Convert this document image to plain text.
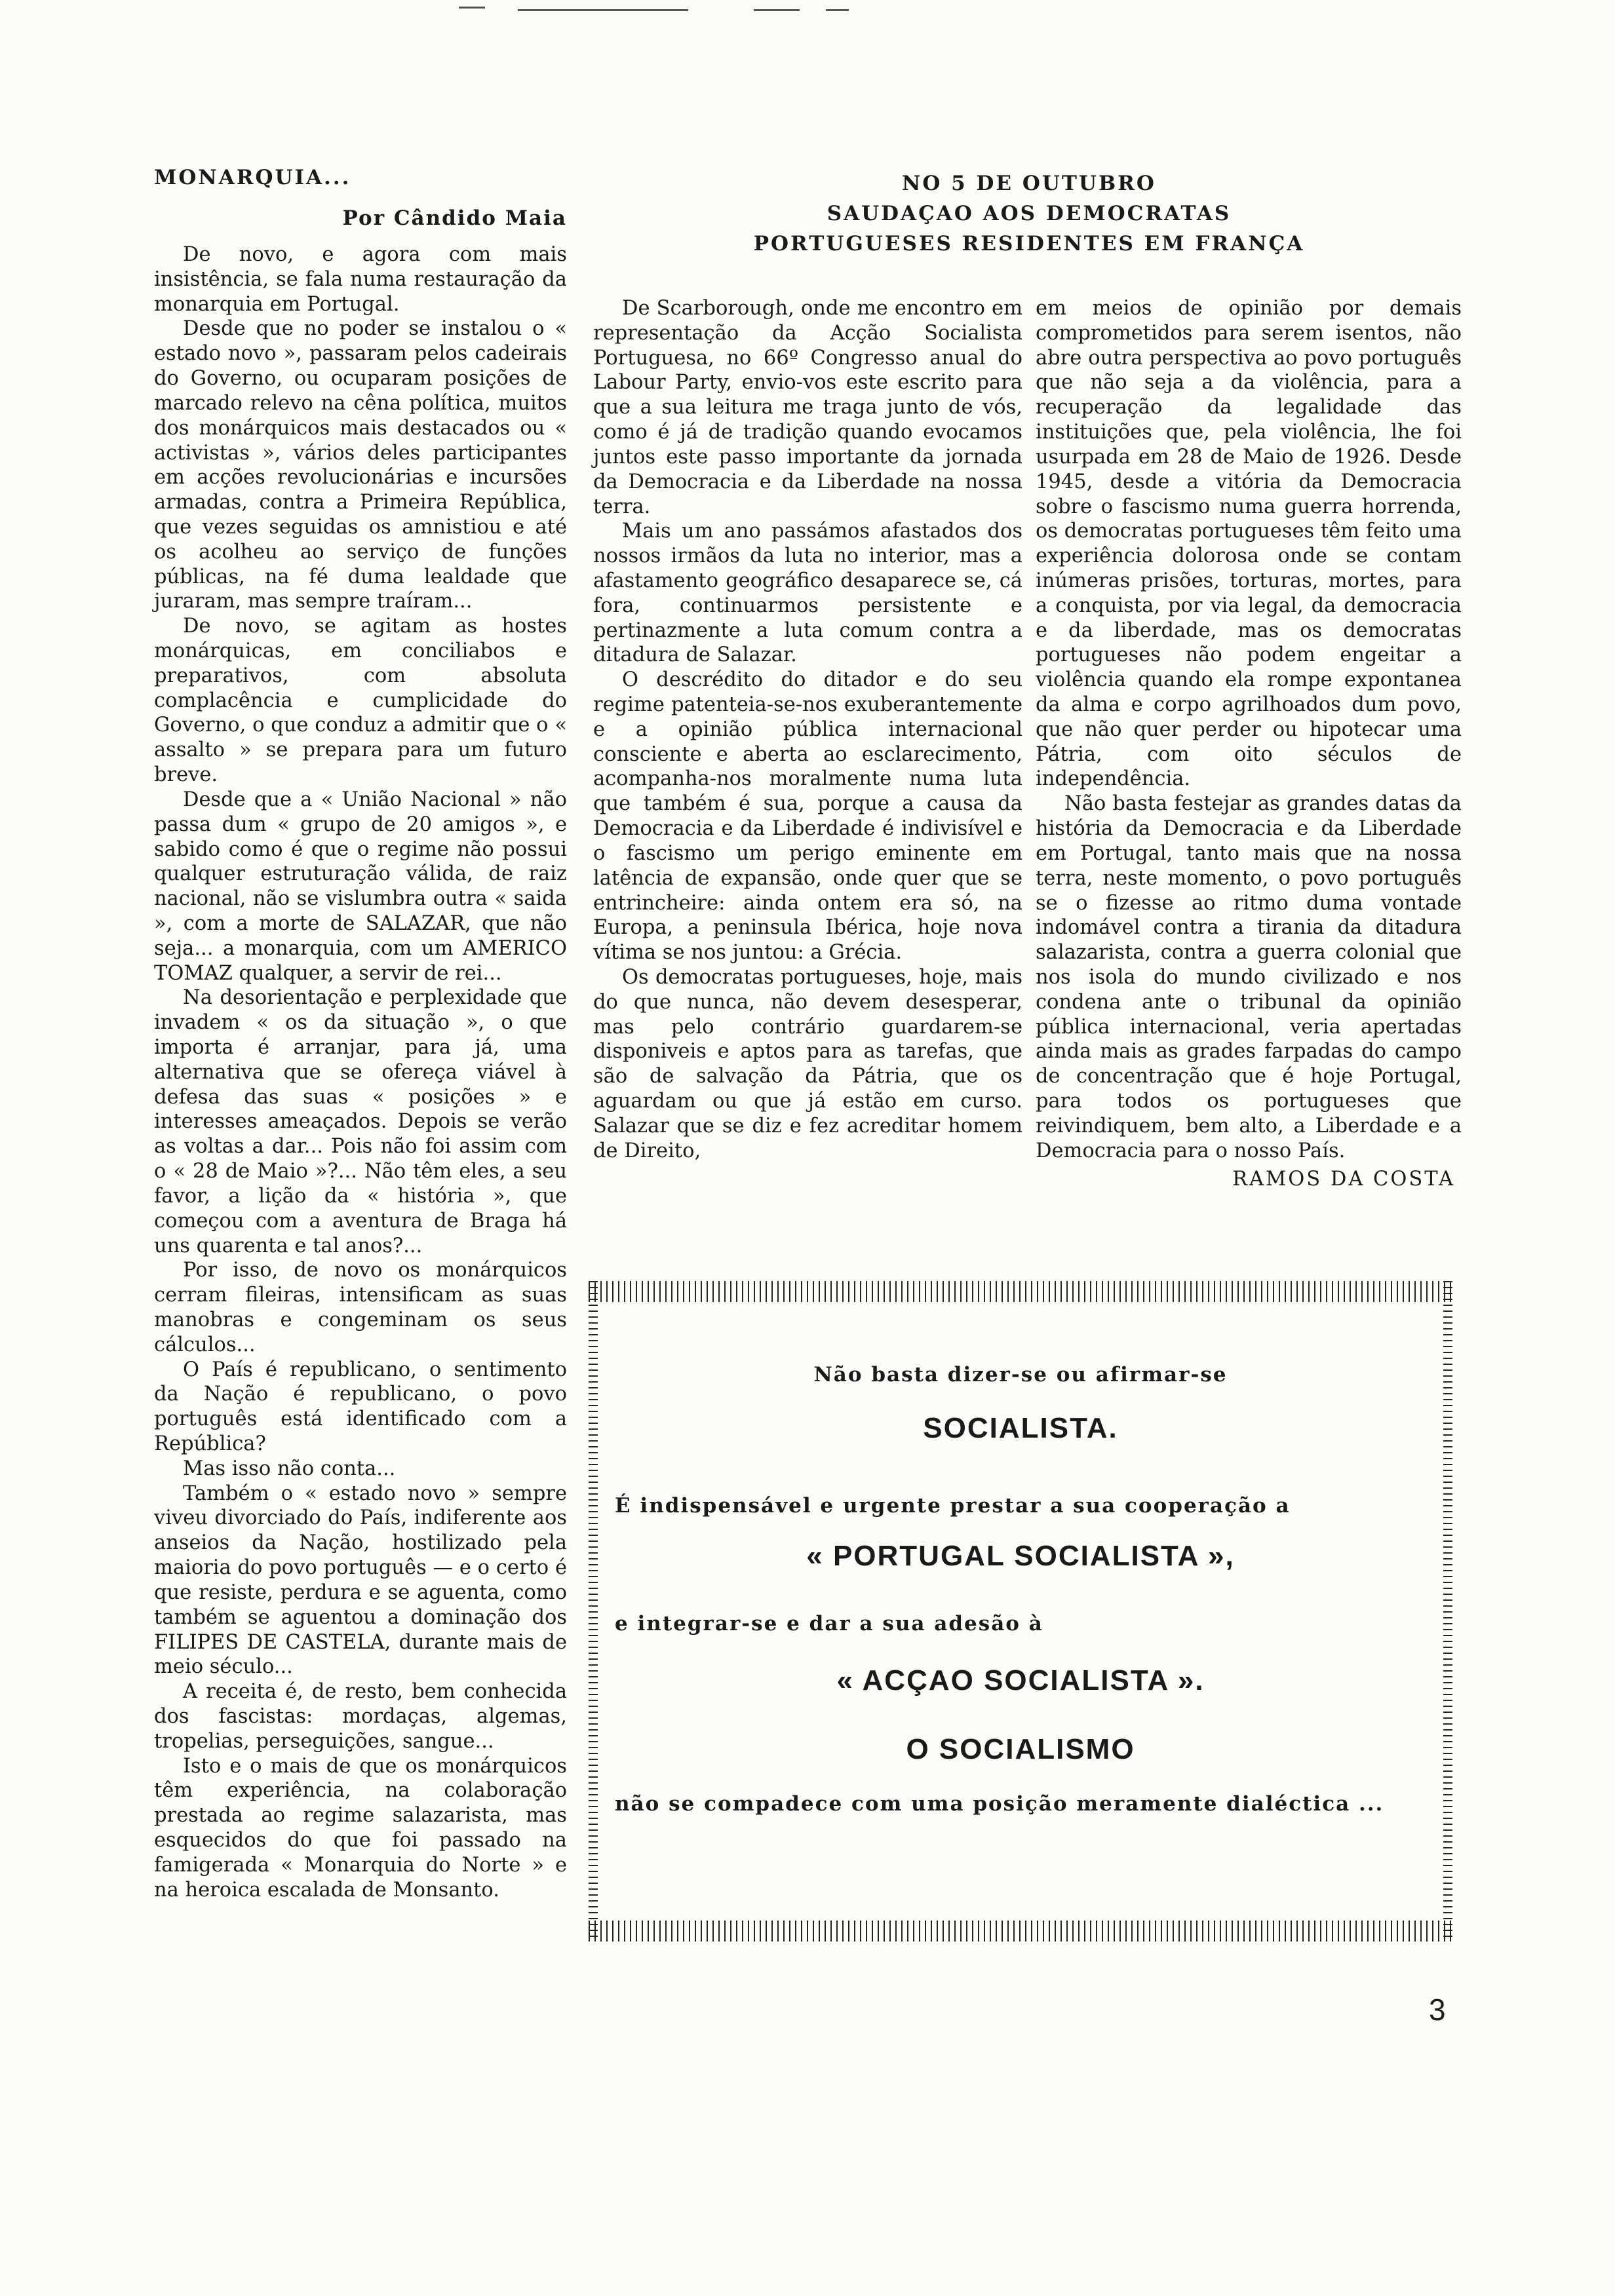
MONARQUIA...
Por Cândido Maia

De novo, e agora com mais insistência, se fala numa restauração da monarquia em Portugal.

Desde que no poder se instalou o « estado novo », passaram pelos cadeirais do Governo, ou ocuparam posições de marcado relevo na cêna política, muitos dos monárquicos mais destacados ou « activistas », vários deles participantes em acções revolucionárias e incursões armadas, contra a Primeira República, que vezes seguidas os amnistiou e até os acolheu ao serviço de funções públicas, na fé duma lealdade que juraram, mas sempre traíram...

De novo, se agitam as hostes monárquicas, em conciliabos e preparativos, com absoluta complacência e cumplicidade do Governo, o que conduz a admitir que o « assalto » se prepara para um futuro breve.

Desde que a « União Nacional » não passa dum « grupo de 20 amigos », e sabido como é que o regime não possui qualquer estruturação válida, de raiz nacional, não se vislumbra outra « saida », com a morte de SALAZAR, que não seja... a monarquia, com um AMERICO TOMAZ qualquer, a servir de rei...

Na desorientação e perplexidade que invadem « os da situação », o que importa é arranjar, para já, uma alternativa que se ofereça viável à defesa das suas « posições » e interesses ameaçados. Depois se verão as voltas a dar... Pois não foi assim com o « 28 de Maio »?... Não têm eles, a seu favor, a lição da « história », que começou com a aventura de Braga há uns quarenta e tal anos?...

Por isso, de novo os monárquicos cerram fileiras, intensificam as suas manobras e congeminam os seus cálculos...

O País é republicano, o sentimento da Nação é republicano, o povo português está identificado com a República?

Mas isso não conta...

Também o « estado novo » sempre viveu divorciado do País, indiferente aos anseios da Nação, hostilizado pela maioria do povo português — e o certo é que resiste, perdura e se aguenta, como também se aguentou a dominação dos FILIPES DE CASTELA, durante mais de meio século...

A receita é, de resto, bem conhecida dos fascistas: mordaças, algemas, tropelias, perseguições, sangue...

Isto e o mais de que os monárquicos têm experiência, na colaboração prestada ao regime salazarista, mas esquecidos do que foi passado na famigerada « Monarquia do Norte » e na heroica escalada de Monsanto.

NO 5 DE OUTUBRO
SAUDAÇAO AOS DEMOCRATAS
PORTUGUESES RESIDENTES EM FRANÇA

De Scarborough, onde me encontro em representação da Acção Socialista Portuguesa, no 66º Congresso anual do Labour Party, envio-vos este escrito para que a sua leitura me traga junto de vós, como é já de tradição quando evocamos juntos este passo importante da jornada da Democracia e da Liberdade na nossa terra.

Mais um ano passámos afastados dos nossos irmãos da luta no interior, mas a afastamento geográfico desaparece se, cá fora, continuarmos persistente e pertinazmente a luta comum contra a ditadura de Salazar.

O descrédito do ditador e do seu regime patenteia-se-nos exuberantemente e a opinião pública internacional consciente e aberta ao esclarecimento, acompanha-nos moralmente numa luta que também é sua, porque a causa da Democracia e da Liberdade é indivisível e o fascismo um perigo eminente em latência de expansão, onde quer que se entrincheire: ainda ontem era só, na Europa, a peninsula Ibérica, hoje nova vítima se nos juntou: a Grécia.

Os democratas portugueses, hoje, mais do que nunca, não devem desesperar, mas pelo contrário guardarem-se disponiveis e aptos para as tarefas, que são de salvação da Pátria, que os aguardam ou que já estão em curso. Salazar que se diz e fez acreditar homem de Direito,

em meios de opinião por demais comprometidos para serem isentos, não abre outra perspectiva ao povo português que não seja a da violência, para a recuperação da legalidade das instituições que, pela violência, lhe foi usurpada em 28 de Maio de 1926. Desde 1945, desde a vitória da Democracia sobre o fascismo numa guerra horrenda, os democratas portugueses têm feito uma experiência dolorosa onde se contam inúmeras prisões, torturas, mortes, para a conquista, por via legal, da democracia e da liberdade, mas os democratas portugueses não podem engeitar a violência quando ela rompe expontanea da alma e corpo agrilhoados dum povo, que não quer perder ou hipotecar uma Pátria, com oito séculos de independência.

Não basta festejar as grandes datas da história da Democracia e da Liberdade em Portugal, tanto mais que na nossa terra, neste momento, o povo português se o fizesse ao ritmo duma vontade indomável contra a tirania da ditadura salazarista, contra a guerra colonial que nos isola do mundo civilizado e nos condena ante o tribunal da opinião pública internacional, veria apertadas ainda mais as grades farpadas do campo de concentração que é hoje Portugal, para todos os portugueses que reivindiquem, bem alto, a Liberdade e a Democracia para o nosso País.

RAMOS DA COSTA

Não basta dizer-se ou afirmar-se
SOCIALISTA.
É indispensável e urgente prestar a sua cooperação a
« PORTUGAL SOCIALISTA »,
e integrar-se e dar a sua adesão à
« ACÇAO SOCIALISTA ».
O SOCIALISMO
não se compadece com uma posição meramente dialéctica ...
3
